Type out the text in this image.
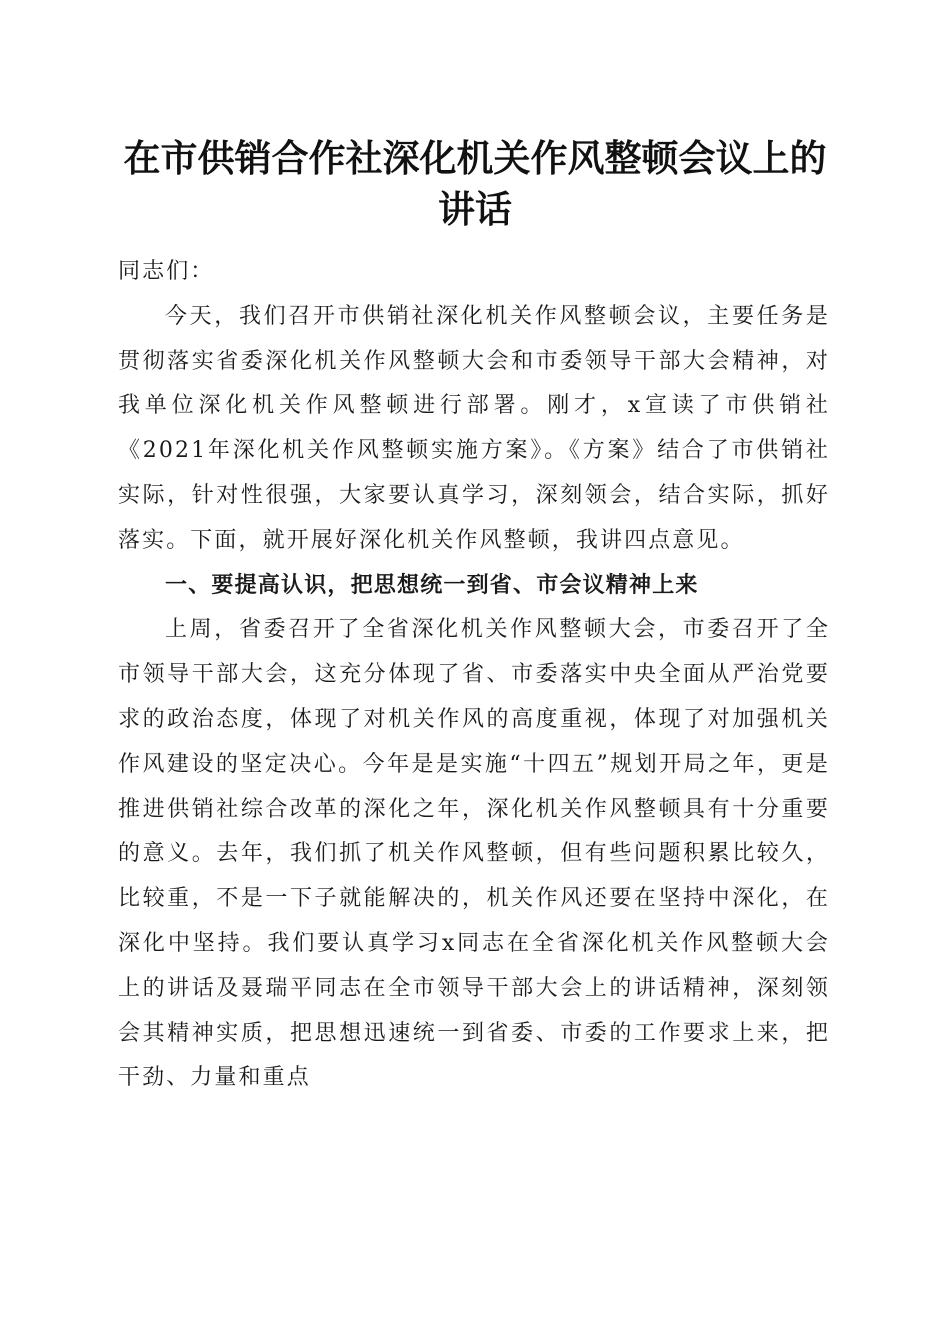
在市供销合作社深化机关作风整顿会议上的讲话

同志们：

今天，我们召开市供销社深化机关作风整顿会议，主要任务是贯彻落实省委深化机关作风整顿大会和市委领导干部大会精神，对我单位深化机关作风整顿进行部署。刚才，x宣读了市供销社《2021年深化机关作风整顿实施方案》。《方案》结合了市供销社实际，针对性很强，大家要认真学习，深刻领会，结合实际，抓好落实。下面，就开展好深化机关作风整顿，我讲四点意见。

一、要提高认识，把思想统一到省、市会议精神上来

上周，省委召开了全省深化机关作风整顿大会，市委召开了全市领导干部大会，这充分体现了省、市委落实中央全面从严治党要求的政治态度，体现了对机关作风的高度重视，体现了对加强机关作风建设的坚定决心。今年是是实施“十四五”规划开局之年，更是推进供销社综合改革的深化之年，深化机关作风整顿具有十分重要的意义。去年，我们抓了机关作风整顿，但有些问题积累比较久，比较重，不是一下子就能解决的，机关作风还要在坚持中深化，在深化中坚持。我们要认真学习x同志在全省深化机关作风整顿大会上的讲话及聂瑞平同志在全市领导干部大会上的讲话精神，深刻领会其精神实质，把思想迅速统一到省委、市委的工作要求上来，把干劲、力量和重点
